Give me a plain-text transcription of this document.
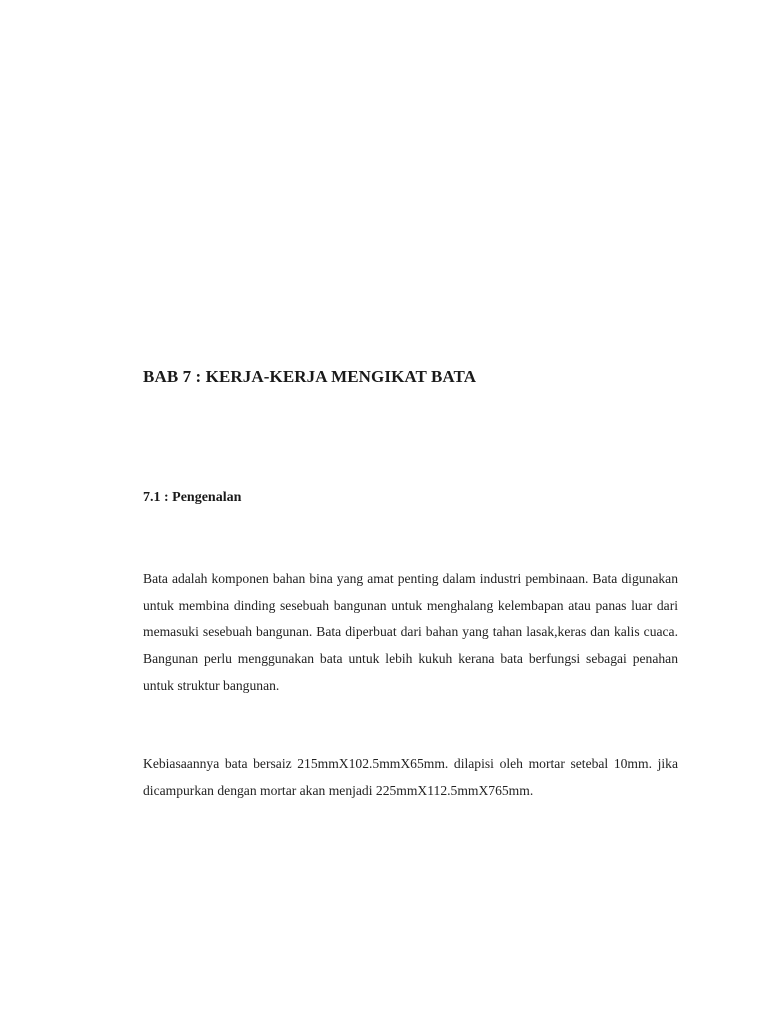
BAB 7 : KERJA-KERJA MENGIKAT BATA
7.1 : Pengenalan

Bata adalah komponen bahan bina yang amat penting dalam industri pembinaan. Bata digunakan untuk membina dinding sesebuah bangunan untuk menghalang kelembapan atau panas luar dari memasuki sesebuah bangunan. Bata diperbuat dari bahan yang tahan lasak,keras dan kalis cuaca. Bangunan perlu menggunakan bata untuk lebih kukuh kerana bata berfungsi sebagai penahan untuk struktur bangunan.

Kebiasaannya bata bersaiz 215mmX102.5mmX65mm. dilapisi oleh mortar setebal 10mm. jika dicampurkan dengan mortar akan menjadi 225mmX112.5mmX765mm.
